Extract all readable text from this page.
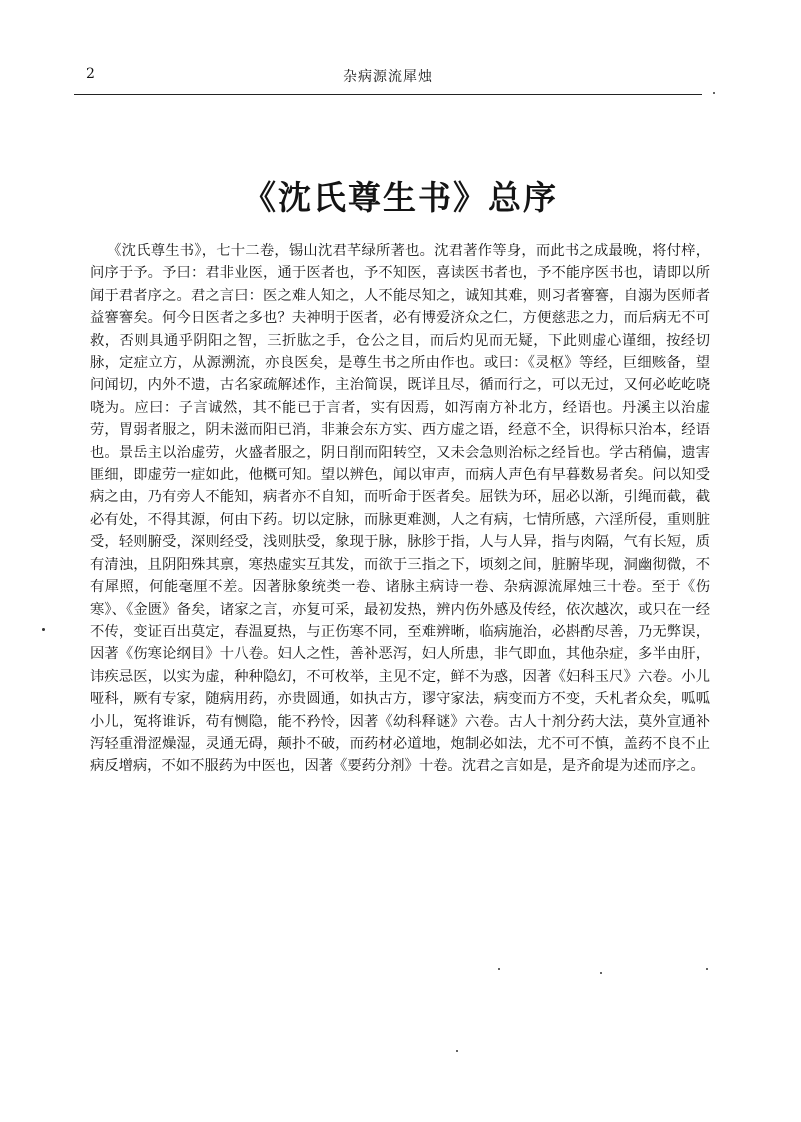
2	杂病源流犀烛
《沈氏尊生书》总序

《沈氏尊生书》，七十二卷，锡山沈君芊绿所著也。沈君著作等身，而此书之成最晚，将付梓，问序于予。予曰：君非业医，通于医者也，予不知医，喜读医书者也，予不能序医书也，请即以所闻于君者序之。君之言曰：医之难人知之，人不能尽知之，诚知其难，则习者謇謇，自溺为医师者益謇謇矣。何今日医者之多也？夫神明于医者，必有博爱济众之仁，方便慈悲之力，而后病无不可救，否则具通乎阴阳之智，三折肱之手，仓公之目，而后灼见而无疑，下此则虚心谨细，按经切脉，定症立方，从源溯流，亦良医矣，是尊生书之所由作也。或曰：《灵枢》等经，巨细赅备，望问闻切，内外不遗，古名家疏解述作，主治简误，既详且尽，循而行之，可以无过，又何必屹屹哓哓为。应曰：子言诚然，其不能已于言者，实有因焉，如泻南方补北方，经语也。丹溪主以治虚劳，胃弱者服之，阴未滋而阳已消，非兼会东方实、西方虚之语，经意不全，识得标只治本，经语也。景岳主以治虚劳，火盛者服之，阴日削而阳转空，又未会急则治标之经旨也。学古稍偏，遗害匪细，即虚劳一症如此，他概可知。望以辨色，闻以审声，而病人声色有早暮数易者矣。问以知受病之由，乃有旁人不能知，病者亦不自知，而听命于医者矣。屈铁为环，屈必以渐，引绳而截，截必有处，不得其源，何由下药。切以定脉，而脉更难测，人之有病，七情所感，六淫所侵，重则脏受，轻则腑受，深则经受，浅则肤受，象现于脉，脉胗于指，人与人异，指与肉隔，气有长短，质有清浊，且阴阳殊其禀，寒热虚实互其发，而欲于三指之下，顷刻之间，脏腑毕现，洞幽彻微，不有犀照，何能毫厘不差。因著脉象统类一卷、诸脉主病诗一卷、杂病源流犀烛三十卷。至于《伤寒》、《金匮》备矣，诸家之言，亦复可采，最初发热，辨内伤外感及传经，依次越次，或只在一经不传，变证百出莫定，春温夏热，与正伤寒不同，至难辨晰，临病施治，必斟酌尽善，乃无弊误，因著《伤寒论纲目》十八卷。妇人之性，善补恶泻，妇人所患，非气即血，其他杂症，多半由肝，讳疾忌医，以实为虚，种种隐幻，不可枚举，主见不定，鲜不为惑，因著《妇科玉尺》六卷。小儿哑科，厥有专家，随病用药，亦贵圆通，如执古方，谬守家法，病变而方不变，夭札者众矣，呱呱小儿，冤将谁诉，苟有恻隐，能不矜怜，因著《幼科释谜》六卷。古人十剂分药大法，莫外宣通补泻轻重滑涩燥湿，灵通无碍，颠扑不破，而药材必道地，炮制必如法，尤不可不慎，盖药不良不止病反增病，不如不服药为中医也，因著《要药分剂》十卷。沈君之言如是，是齐俞堤为述而序之。
